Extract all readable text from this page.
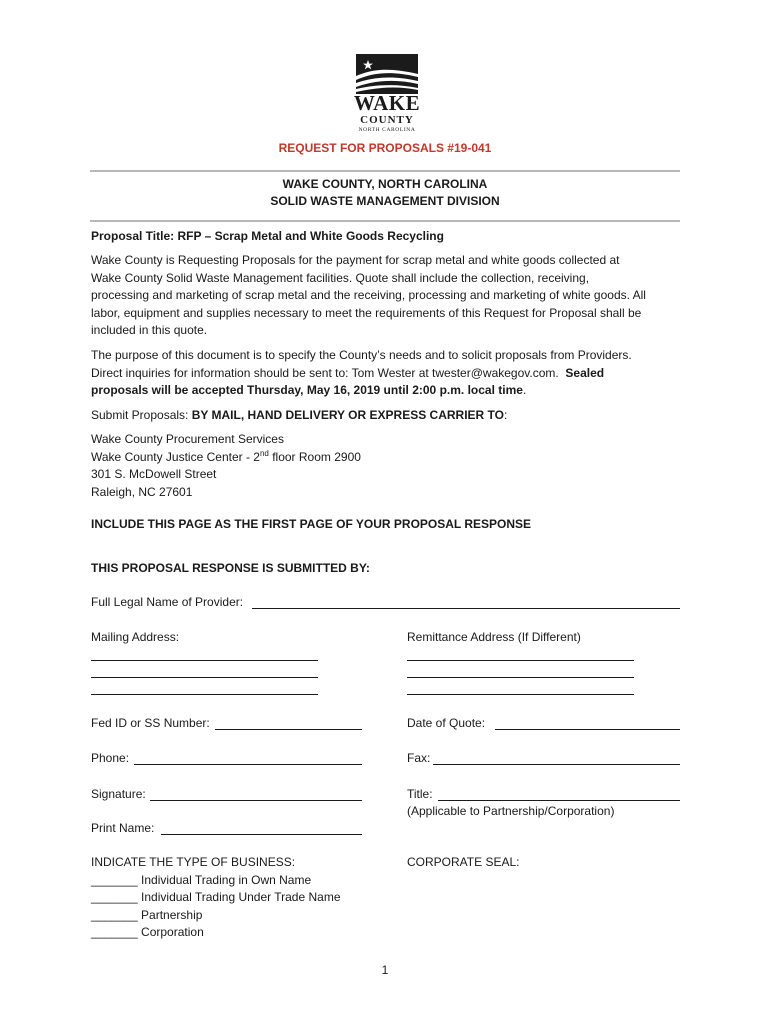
WAKE
COUNTY
NORTH CAROLINA
REQUEST FOR PROPOSALS #19-041
WAKE COUNTY, NORTH CAROLINA
SOLID WASTE MANAGEMENT DIVISION
Proposal Title: RFP – Scrap Metal and White Goods Recycling
Wake County is Requesting Proposals for the payment for scrap metal and white goods collected at
Wake County Solid Waste Management facilities. Quote shall include the collection, receiving,
processing and marketing of scrap metal and the receiving, processing and marketing of white goods. All
labor, equipment and supplies necessary to meet the requirements of this Request for Proposal shall be
included in this quote.
The purpose of this document is to specify the County’s needs and to solicit proposals from Providers.
Direct inquiries for information should be sent to: Tom Wester at twester@wakegov.com.  Sealed
proposals will be accepted Thursday, May 16, 2019 until 2:00 p.m. local time.
Submit Proposals: BY MAIL, HAND DELIVERY OR EXPRESS CARRIER TO:
Wake County Procurement Services
Wake County Justice Center - 2nd floor Room 2900
301 S. McDowell Street
Raleigh, NC 27601
INCLUDE THIS PAGE AS THE FIRST PAGE OF YOUR PROPOSAL RESPONSE
THIS PROPOSAL RESPONSE IS SUBMITTED BY:
Full Legal Name of Provider:
Mailing Address:	Remittance Address (If Different)
Fed ID or SS Number:	Date of Quote:
Phone:	Fax:
Signature:	Title:
(Applicable to Partnership/Corporation)
Print Name:
INDICATE THE TYPE OF BUSINESS:	CORPORATE SEAL:
_______ Individual Trading in Own Name
_______ Individual Trading Under Trade Name
_______ Partnership
_______ Corporation
1
